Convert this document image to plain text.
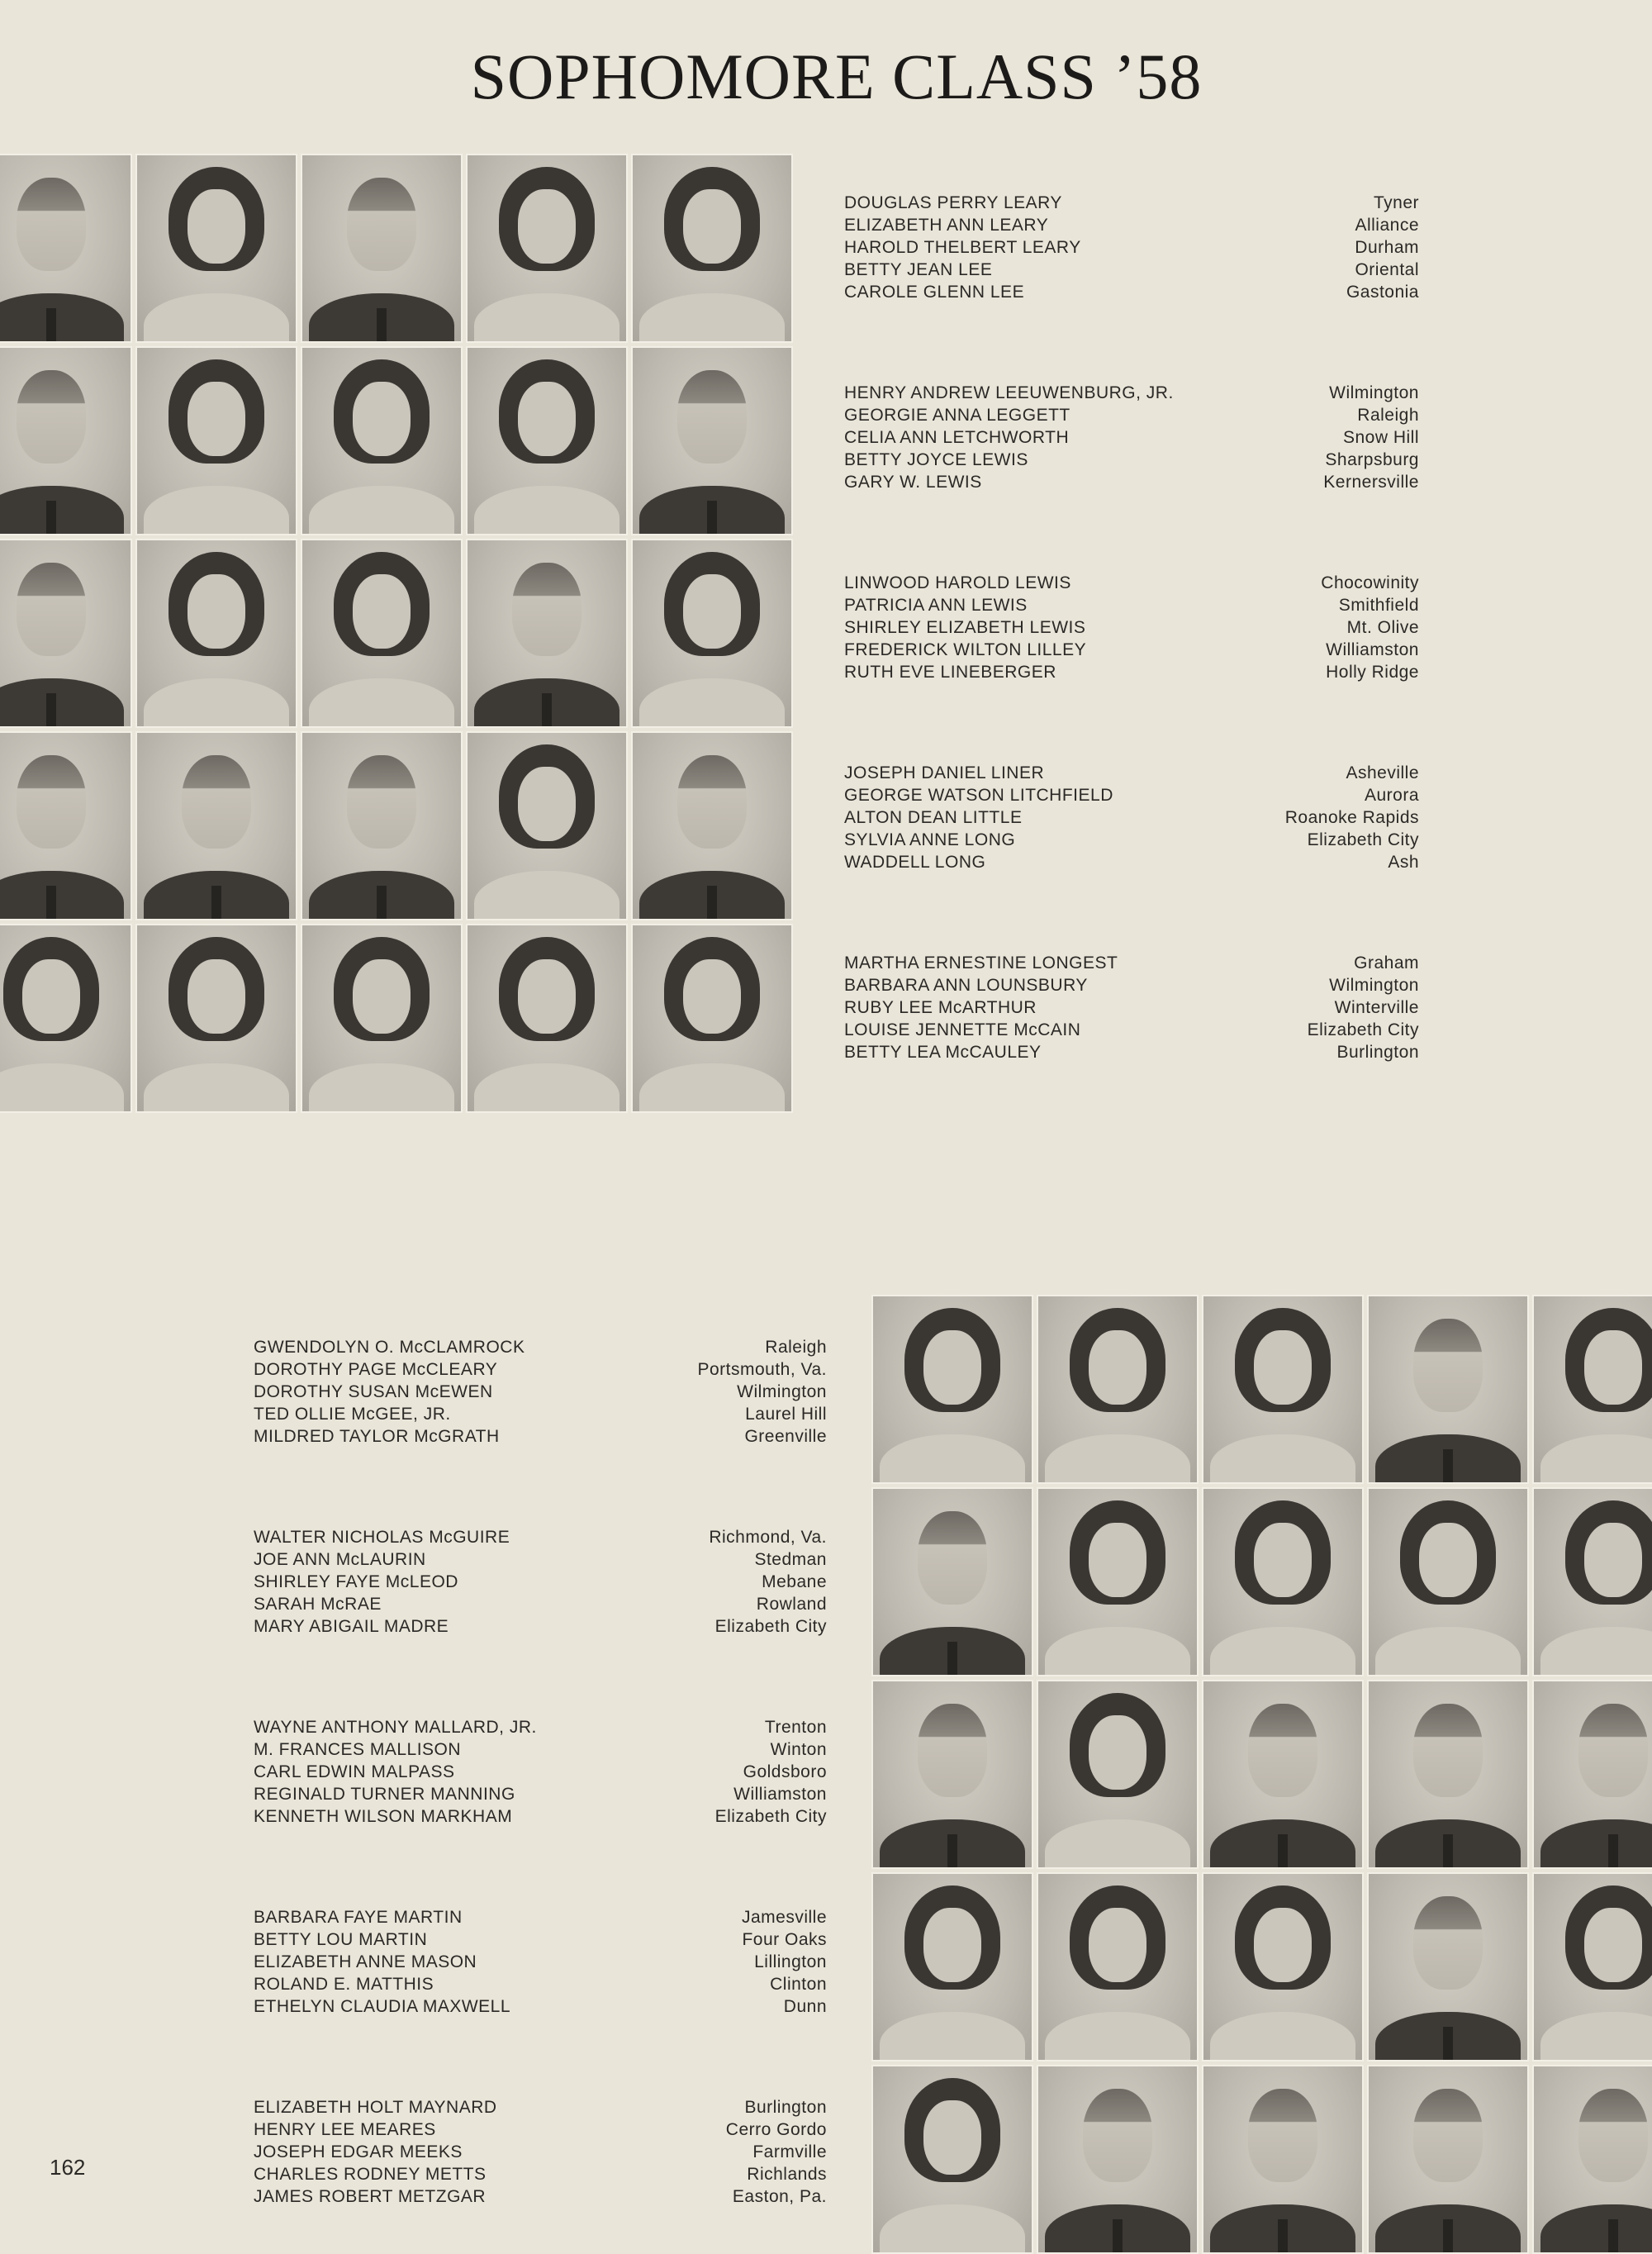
SOPHOMORE CLASS ’58
DOUGLAS PERRY LEARY	Tyner
ELIZABETH ANN LEARY	Alliance
HAROLD THELBERT LEARY	Durham
BETTY JEAN LEE	Oriental
CAROLE GLENN LEE	Gastonia
HENRY ANDREW LEEUWENBURG, JR.	Wilmington
GEORGIE ANNA LEGGETT	Raleigh
CELIA ANN LETCHWORTH	Snow Hill
BETTY JOYCE LEWIS	Sharpsburg
GARY W. LEWIS	Kernersville
LINWOOD HAROLD LEWIS	Chocowinity
PATRICIA ANN LEWIS	Smithfield
SHIRLEY ELIZABETH LEWIS	Mt. Olive
FREDERICK WILTON LILLEY	Williamston
RUTH EVE LINEBERGER	Holly Ridge
JOSEPH DANIEL LINER	Asheville
GEORGE WATSON LITCHFIELD	Aurora
ALTON DEAN LITTLE	Roanoke Rapids
SYLVIA ANNE LONG	Elizabeth City
WADDELL LONG	Ash
MARTHA ERNESTINE LONGEST	Graham
BARBARA ANN LOUNSBURY	Wilmington
RUBY LEE McARTHUR	Winterville
LOUISE JENNETTE McCAIN	Elizabeth City
BETTY LEA McCAULEY	Burlington
GWENDOLYN O. McCLAMROCK	Raleigh
DOROTHY PAGE McCLEARY	Portsmouth, Va.
DOROTHY SUSAN McEWEN	Wilmington
TED OLLIE McGEE, JR.	Laurel Hill
MILDRED TAYLOR McGRATH	Greenville
WALTER NICHOLAS McGUIRE	Richmond, Va.
JOE ANN McLAURIN	Stedman
SHIRLEY FAYE McLEOD	Mebane
SARAH McRAE	Rowland
MARY ABIGAIL MADRE	Elizabeth City
WAYNE ANTHONY MALLARD, JR.	Trenton
M. FRANCES MALLISON	Winton
CARL EDWIN MALPASS	Goldsboro
REGINALD TURNER MANNING	Williamston
KENNETH WILSON MARKHAM	Elizabeth City
BARBARA FAYE MARTIN	Jamesville
BETTY LOU MARTIN	Four Oaks
ELIZABETH ANNE MASON	Lillington
ROLAND E. MATTHIS	Clinton
ETHELYN CLAUDIA MAXWELL	Dunn
ELIZABETH HOLT MAYNARD	Burlington
HENRY LEE MEARES	Cerro Gordo
JOSEPH EDGAR MEEKS	Farmville
CHARLES RODNEY METTS	Richlands
JAMES ROBERT METZGAR	Easton, Pa.
162
